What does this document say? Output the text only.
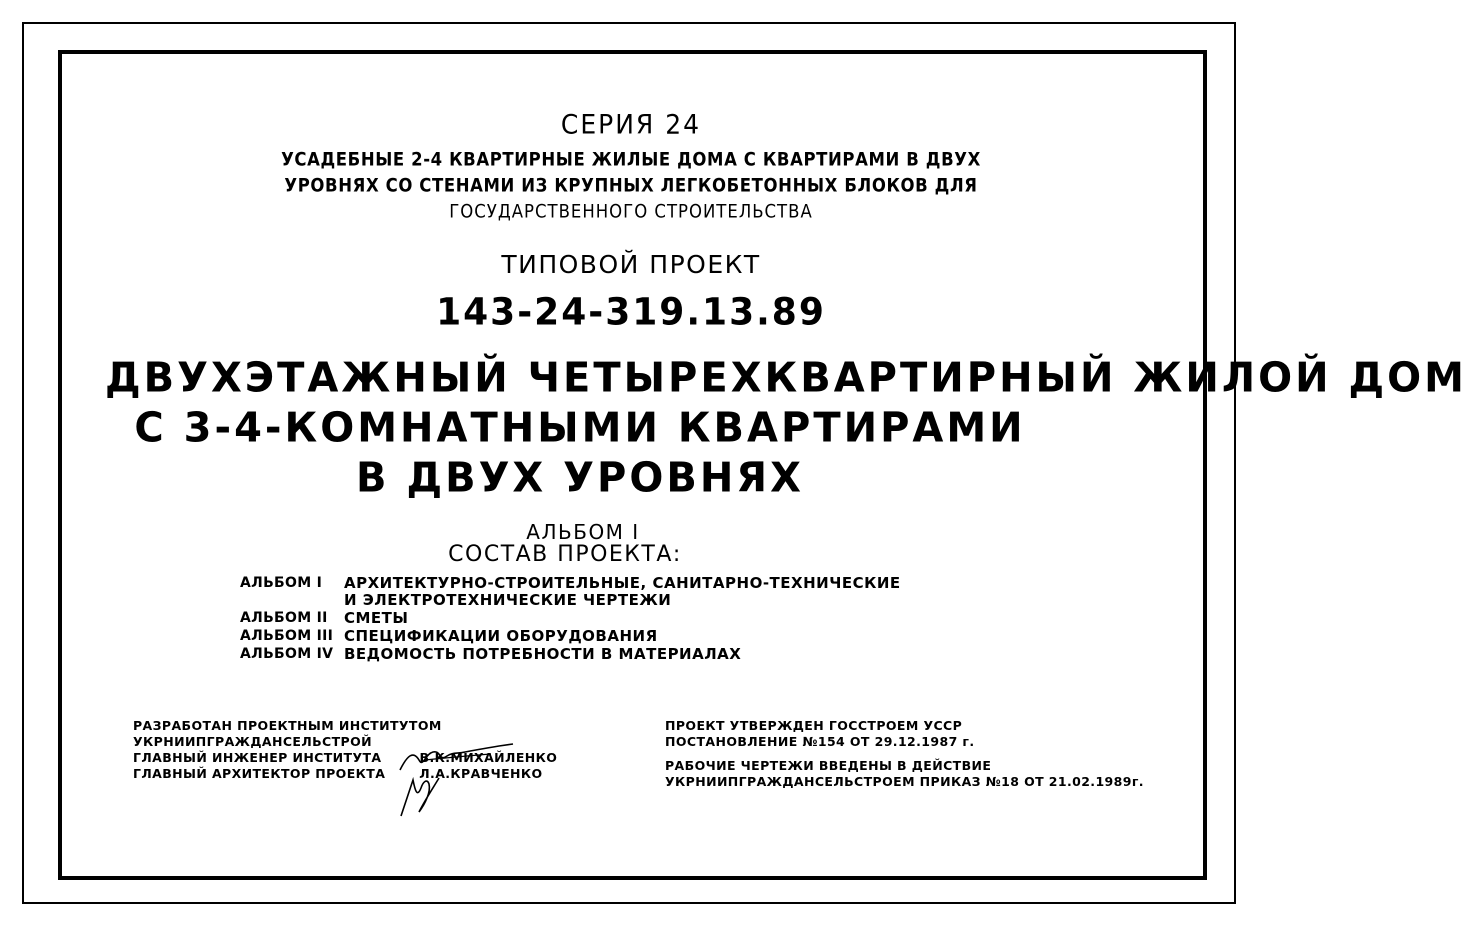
СЕРИЯ 24
УСАДЕБНЫЕ 2-4 КВАРТИРНЫЕ ЖИЛЫЕ ДОМА С КВАРТИРАМИ В ДВУХ
УРОВНЯХ СО СТЕНАМИ ИЗ КРУПНЫХ ЛЕГКОБЕТОННЫХ БЛОКОВ ДЛЯ
ГОСУДАРСТВЕННОГО СТРОИТЕЛЬСТВА
ТИПОВОЙ ПРОЕКТ
143-24-319.13.89
ДВУХЭТАЖНЫЙ ЧЕТЫРЕХКВАРТИРНЫЙ ЖИЛОЙ ДОМ
С 3-4-КОМНАТНЫМИ КВАРТИРАМИ
В ДВУХ УРОВНЯХ
АЛЬБОМ I
СОСТАВ ПРОЕКТА:
АЛЬБОМ I	АРХИТЕКТУРНО-СТРОИТЕЛЬНЫЕ, САНИТАРНО-ТЕХНИЧЕСКИЕ
И ЭЛЕКТРОТЕХНИЧЕСКИЕ ЧЕРТЕЖИ
АЛЬБОМ II	СМЕТЫ
АЛЬБОМ III СПЕЦИФИКАЦИИ ОБОРУДОВАНИЯ
АЛЬБОМ IV ВЕДОМОСТЬ ПОТРЕБНОСТИ В МАТЕРИАЛАХ
РАЗРАБОТАН ПРОЕКТНЫМ ИНСТИТУТОМ
УКРНИИПГРАЖДАНСЕЛЬСТРОЙ
ГЛАВНЫЙ ИНЖЕНЕР ИНСТИТУТА	В.К.МИХАЙЛЕНКО
ГЛАВНЫЙ АРХИТЕКТОР ПРОЕКТА	Л.А.КРАВЧЕНКО
ПРОЕКТ УТВЕРЖДЕН ГОССТРОЕМ УССР
ПОСТАНОВЛЕНИЕ №154 ОТ 29.12.1987 г.
РАБОЧИЕ ЧЕРТЕЖИ ВВЕДЕНЫ В ДЕЙСТВИЕ
УКРНИИПГРАЖДАНСЕЛЬСТРОЕМ ПРИКАЗ №18 ОТ 21.02.1989г.
